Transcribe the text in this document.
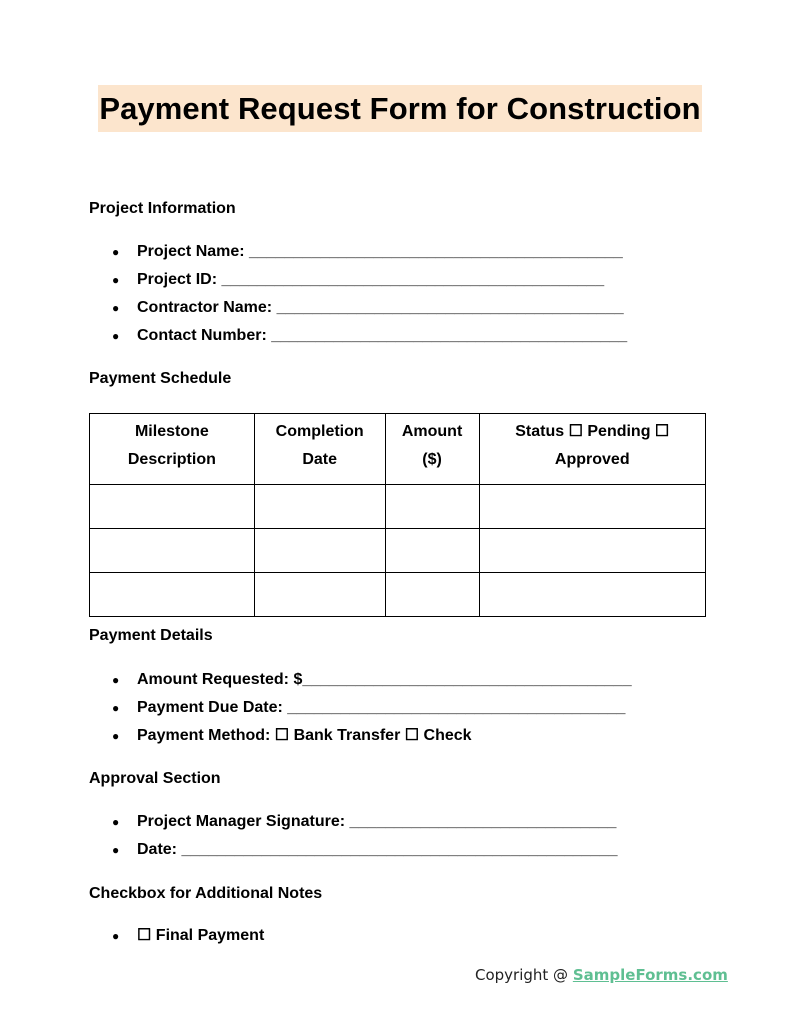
Payment Request Form for Construction
Project Information
● Project Name: __________________________________________
● Project ID: ___________________________________________
● Contractor Name: _______________________________________
● Contact Number: ________________________________________
Payment Schedule
Milestone Description	Completion Date	Amount ($)	Status ☐ Pending ☐ Approved

Payment Details
● Amount Requested: $_____________________________________
● Payment Due Date: ______________________________________
● Payment Method: ☐ Bank Transfer ☐ Check
Approval Section
● Project Manager Signature: ______________________________
● Date: _________________________________________________
Checkbox for Additional Notes
● ☐ Final Payment
Copyright @ SampleForms.com
